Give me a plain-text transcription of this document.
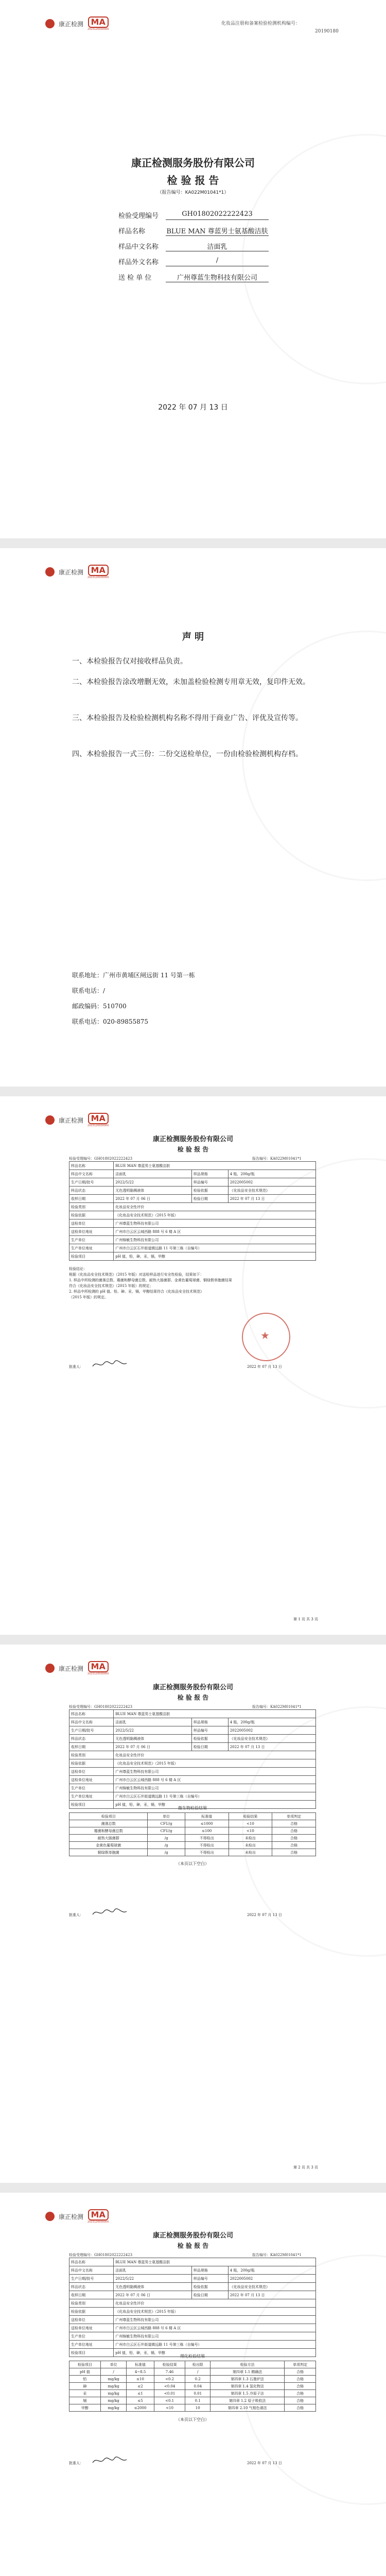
康正检测 MA
2023120000000
化妆品注册和备案检验检测机构编号：
20190180
康正检测服务股份有限公司
检 验 报 告
（报告编号：KA022M01041*1）
检验受理编号	GH01802022222423
样品名称	BLUE MAN 尊蓝男士氨基酸洁肤
样品中文名称	洁面乳
样品外文名称	/
送 检 单 位	广州尊蓝生物科技有限公司
2022 年 07 月 13 日
康正检测 MA
2023120000000
声 明
一、本检验报告仅对接收样品负责。
二、本检验报告涂改增删无效，未加盖检验检测专用章无效，复印件无效。
三、本检验报告及检验检测机构名称不得用于商业广告、评优及宣传等。
四、本检验报告一式三份：二份交送检单位，一份由检验检测机构存档。
联系地址：广州市黄埔区闸远街 11 号第一栋
联系电话：/
邮政编码：510700
联系电话：020-89855875
康正检测 MA
2023120000000
康正检测服务股份有限公司
检 验 报 告
检验受理编号：GH01802022222423	报告编号：KA022M01041*1
样品名称	BLUE MAN 尊蓝男士氨基酸洁肤		
样品中文名称	洁面乳	样品规格	4 瓶，200g/瓶
生产日期/批号	2022/5/22	样品编号	2022005002
样品状态	无色透明黏稠液体	检验依据	《化妆品安全技术规范》
收样日期	2022 年 07 月 06 日	检验日期	2022 年 07 月 13 日
检验类别	化妆品安全性评价		
检验依据	《化妆品安全技术规范》（2015 年版）		
送检单位	广州尊蓝生物科技有限公司		
送检单位地址	广州市白云区云城西路 888 号 6 楼 A 区		
生产单位	广州锦敏生物科技有限公司		
生产单位地址	广州市白云区石井街道镇远路 11 号第三栋（自编号）		
检验项目	pH 值，铅，砷，汞，镉，甲醇		
检验结论：
根据《化妆品安全技术规范》（2015 年版）对送检样品进行安全性检验，结果如下：
1. 样品中所检测的菌落总数、霉菌和酵母菌总数、耐热大肠菌群、金黄色葡萄球菌、铜绿假单胞菌结果
符合《化妆品安全技术规范》（2015 年版）的规定；
2. 样品中所检测的 pH 值、铅、砷、汞、镉、甲醇结果符合《化妆品安全技术规范》
（2015 年版）的规定。
★
批准人：	2022 年 07 月 13 日
第 1 页 共 3 页
康正检测 MA
2023120000000
康正检测服务股份有限公司
检 验 报 告
检验受理编号：GH01802022222423	报告编号：KA022M01041*1
样品名称	BLUE MAN 尊蓝男士氨基酸洁肤		
样品中文名称	洁面乳	样品规格	4 瓶，200g/瓶
生产日期/批号	2022/5/22	样品编号	2022005002
样品状态	无色透明黏稠液体	检验依据	《化妆品安全技术规范》
收样日期	2022 年 07 月 06 日	检验日期	2022 年 07 月 13 日
检验类别	化妆品安全性评价		
检验依据	《化妆品安全技术规范》（2015 年版）		
送检单位	广州尊蓝生物科技有限公司		
送检单位地址	广州市白云区云城西路 888 号 6 楼 A 区		
生产单位	广州锦敏生物科技有限公司		
生产单位地址	广州市白云区石井街道镇远路 11 号第三栋（自编号）		
检验项目	pH 值，铅，砷，汞，镉，甲醇		
微生物检验结果
检验项目	单位	标准值	检验结果	单项判定
菌落总数	CFU/g	≤1000	<10	合格
霉菌和酵母菌总数	CFU/g	≤100	<10	合格
耐热大肠菌群	/g	不得检出	未检出	合格
金黄色葡萄球菌	/g	不得检出	未检出	合格
铜绿假单胞菌	/g	不得检出	未检出	合格
（本页以下空白）
批准人：	2022 年 07 月 13 日
第 2 页 共 3 页
康正检测 MA
2023120000000
康正检测服务股份有限公司
检 验 报 告
检验受理编号：GH01802022222423	报告编号：KA022M01041*1
样品名称	BLUE MAN 尊蓝男士氨基酸洁肤		
样品中文名称	洁面乳	样品规格	4 瓶，200g/瓶
生产日期/批号	2022/5/22	样品编号	2022005002
样品状态	无色透明黏稠液体	检验依据	《化妆品安全技术规范》
收样日期	2022 年 07 月 06 日	检验日期	2022 年 07 月 13 日
检验类别	化妆品安全性评价		
检验依据	《化妆品安全技术规范》（2015 年版）		
送检单位	广州尊蓝生物科技有限公司		
送检单位地址	广州市白云区云城西路 888 号 6 楼 A 区		
生产单位	广州锦敏生物科技有限公司		
生产单位地址	广州市白云区石井街道镇远路 11 号第三栋（自编号）		
检验项目	pH 值，铅，砷，汞，镉，甲醇		
理化检验结果
检验项目	单位	标准值	检验结果	检出限	检验方法	单项判定
pH 值	/	4~8.5	7.46	/	第四章 1.1 精确法	合格
铅	mg/kg	≤10	<0.2	0.2	第四章 1.3 石墨炉法	合格
砷	mg/kg	≤2	<0.04	0.04	第四章 1.4 氢化物法	合格
汞	mg/kg	≤1	<0.01	0.01	第四章 1.5 冷原子法	合格
镉	mg/kg	≤5	<0.1	0.1	第四章 1.2 原子吸收法	合格
甲醇	mg/kg	≤2000	<10	10	第四章 2.10 气相色谱法	合格
（本页以下空白）
批准人：	2022 年 07 月 13 日
